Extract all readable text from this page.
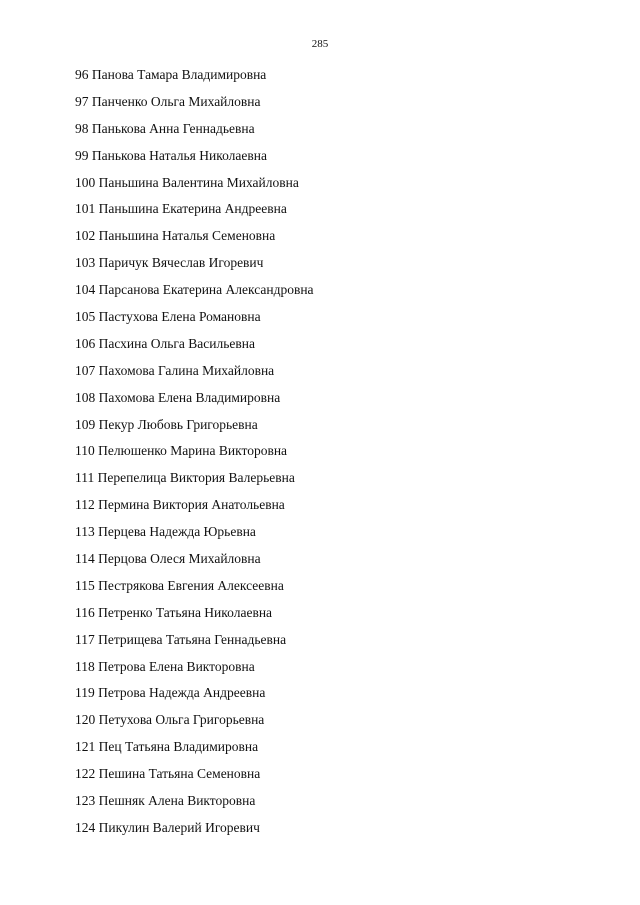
285
96 Панова Тамара Владимировна
97 Панченко Ольга Михайловна
98 Панькова Анна Геннадьевна
99 Панькова Наталья Николаевна
100 Паньшина Валентина Михайловна
101 Паньшина Екатерина Андреевна
102 Паньшина Наталья Семеновна
103 Паричук Вячеслав Игоревич
104 Парсанова Екатерина Александровна
105 Пастухова Елена Романовна
106 Пасхина Ольга Васильевна
107 Пахомова Галина Михайловна
108 Пахомова Елена Владимировна
109 Пекур Любовь Григорьевна
110 Пелюшенко Марина Викторовна
111 Перепелица Виктория Валерьевна
112 Пермина Виктория Анатольевна
113 Перцева Надежда Юрьевна
114 Перцова Олеся Михайловна
115 Пестрякова Евгения Алексеевна
116 Петренко Татьяна Николаевна
117 Петрищева Татьяна Геннадьевна
118 Петрова Елена Викторовна
119 Петрова Надежда Андреевна
120 Петухова Ольга Григорьевна
121 Пец Татьяна Владимировна
122 Пешина Татьяна Семеновна
123 Пешняк Алена Викторовна
124 Пикулин Валерий Игоревич
